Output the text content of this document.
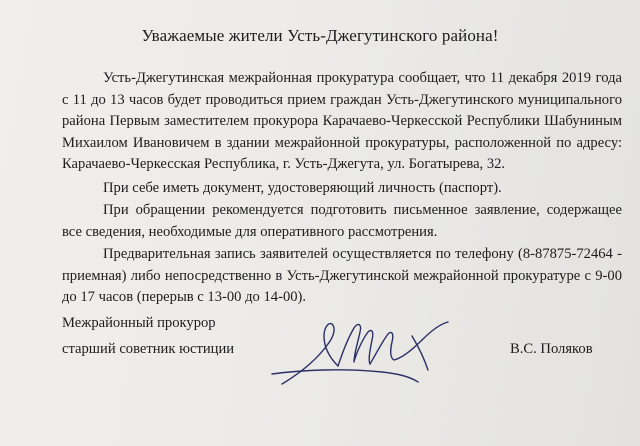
Уважаемые жители Усть-Джегутинского района!

Усть-Джегутинская межрайонная прокуратура сообщает, что 11 декабря 2019 года с 11 до 13 часов будет проводиться прием граждан Усть-Джегутинского муниципального района Первым заместителем прокурора Карачаево-Черкесской Республики Шабуниным Михаилом Ивановичем в здании межрайонной прокуратуры, расположенной по адресу: Карачаево-Черкесская Республика, г. Усть-Джегута, ул. Богатырева, 32.

При себе иметь документ, удостоверяющий личность (паспорт).

При обращении рекомендуется подготовить письменное заявление, содержащее все сведения, необходимые для оперативного рассмотрения.

Предварительная запись заявителей осуществляется по телефону (8-87875-72464 - приемная) либо непосредственно в Усть-Джегутинской межрайонной прокуратуре с 9-00 до 17 часов (перерыв с 13-00 до 14-00).

Межрайонный прокурор
старший советник юстиции	В.С. Поляков
